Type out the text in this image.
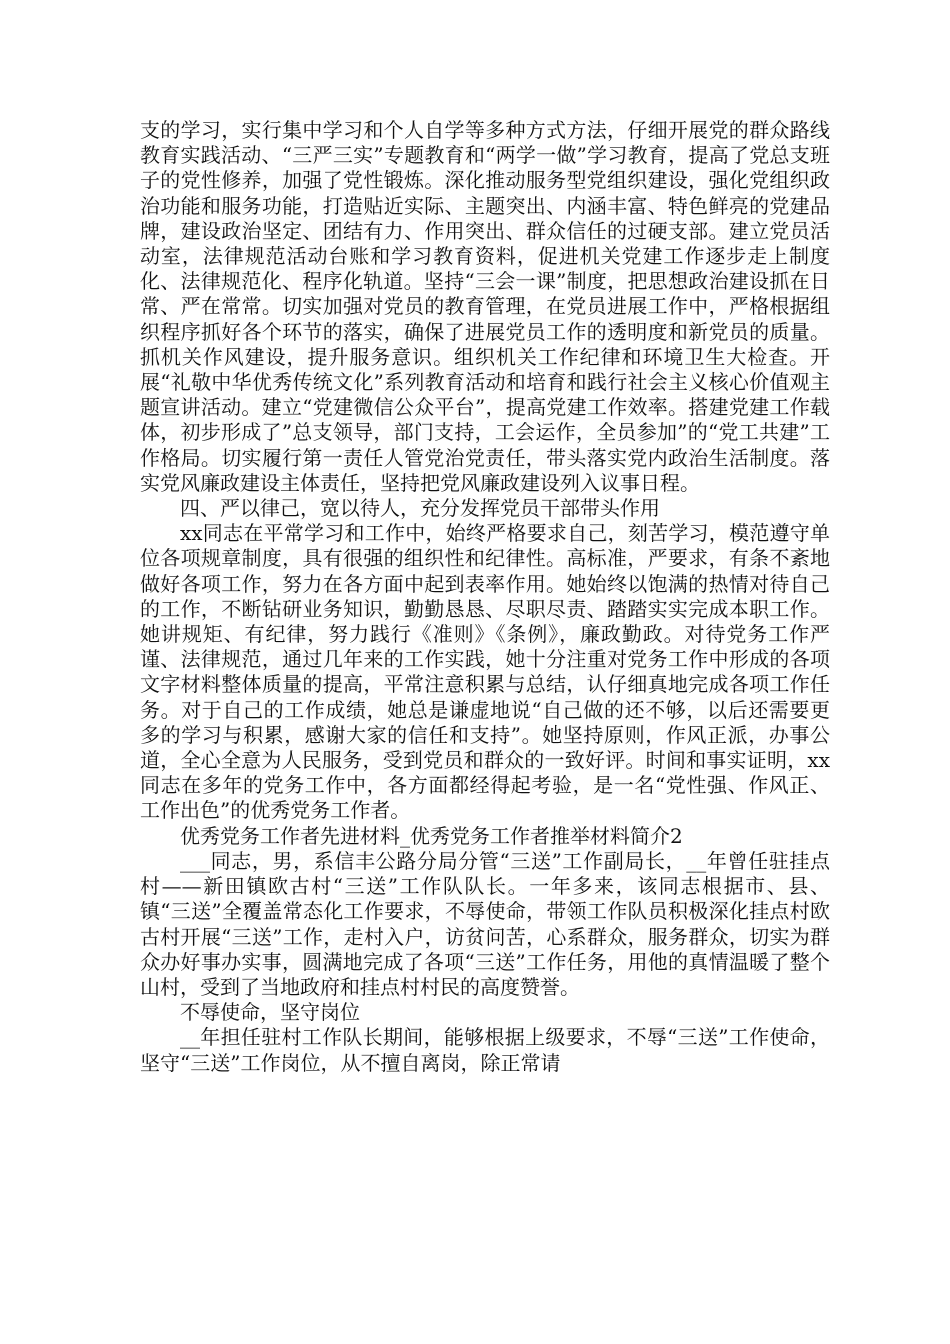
支的学习，实行集中学习和个人自学等多种方式方法，仔细开展党的群众路线教育实践活动、“三严三实”专题教育和“两学一做”学习教育，提高了党总支班子的党性修养，加强了党性锻炼。深化推动服务型党组织建设，强化党组织政治功能和服务功能，打造贴近实际、主题突出、内涵丰富、特色鲜亮的党建品牌，建设政治坚定、团结有力、作用突出、群众信任的过硬支部。建立党员活动室，法律规范活动台账和学习教育资料，促进机关党建工作逐步走上制度化、法律规范化、程序化轨道。坚持“三会一课”制度，把思想政治建设抓在日常、严在常常。切实加强对党员的教育管理，在党员进展工作中，严格根据组织程序抓好各个环节的落实，确保了进展党员工作的透明度和新党员的质量。抓机关作风建设，提升服务意识。组织机关工作纪律和环境卫生大检查。开展“礼敬中华优秀传统文化”系列教育活动和培育和践行社会主义核心价值观主题宣讲活动。建立“党建微信公众平台”，提高党建工作效率。搭建党建工作载体，初步形成了”总支领导，部门支持，工会运作，全员参加”的“党工共建”工作格局。切实履行第一责任人管党治党责任，带头落实党内政治生活制度。落实党风廉政建设主体责任，坚持把党风廉政建设列入议事日程。

四、严以律己，宽以待人，充分发挥党员干部带头作用

xx同志在平常学习和工作中，始终严格要求自己，刻苦学习，模范遵守单位各项规章制度，具有很强的组织性和纪律性。高标准，严要求，有条不紊地做好各项工作，努力在各方面中起到表率作用。她始终以饱满的热情对待自己的工作，不断钻研业务知识，勤勤恳恳、尽职尽责、踏踏实实完成本职工作。她讲规矩、有纪律，努力践行《准则》《条例》，廉政勤政。对待党务工作严谨、法律规范，通过几年来的工作实践，她十分注重对党务工作中形成的各项文字材料整体质量的提高，平常注意积累与总结，认仔细真地完成各项工作任务。对于自己的工作成绩，她总是谦虚地说“自己做的还不够，以后还需要更多的学习与积累，感谢大家的信任和支持”。她坚持原则，作风正派，办事公道，全心全意为人民服务，受到党员和群众的一致好评。时间和事实证明，xx同志在多年的党务工作中，各方面都经得起考验，是一名“党性强、作风正、工作出色”的优秀党务工作者。

优秀党务工作者先进材料_优秀党务工作者推举材料简介2

___同志，男，系信丰公路分局分管“三送”工作副局长，__年曾任驻挂点村——新田镇欧古村“三送”工作队队长。一年多来，该同志根据市、县、镇“三送”全覆盖常态化工作要求，不辱使命，带领工作队员积极深化挂点村欧古村开展“三送”工作，走村入户，访贫问苦，心系群众，服务群众，切实为群众办好事办实事，圆满地完成了各项“三送”工作任务，用他的真情温暖了整个山村，受到了当地政府和挂点村村民的高度赞誉。

不辱使命，坚守岗位

__年担任驻村工作队长期间，能够根据上级要求，不辱“三送”工作使命，坚守“三送”工作岗位，从不擅自离岗，除正常请
